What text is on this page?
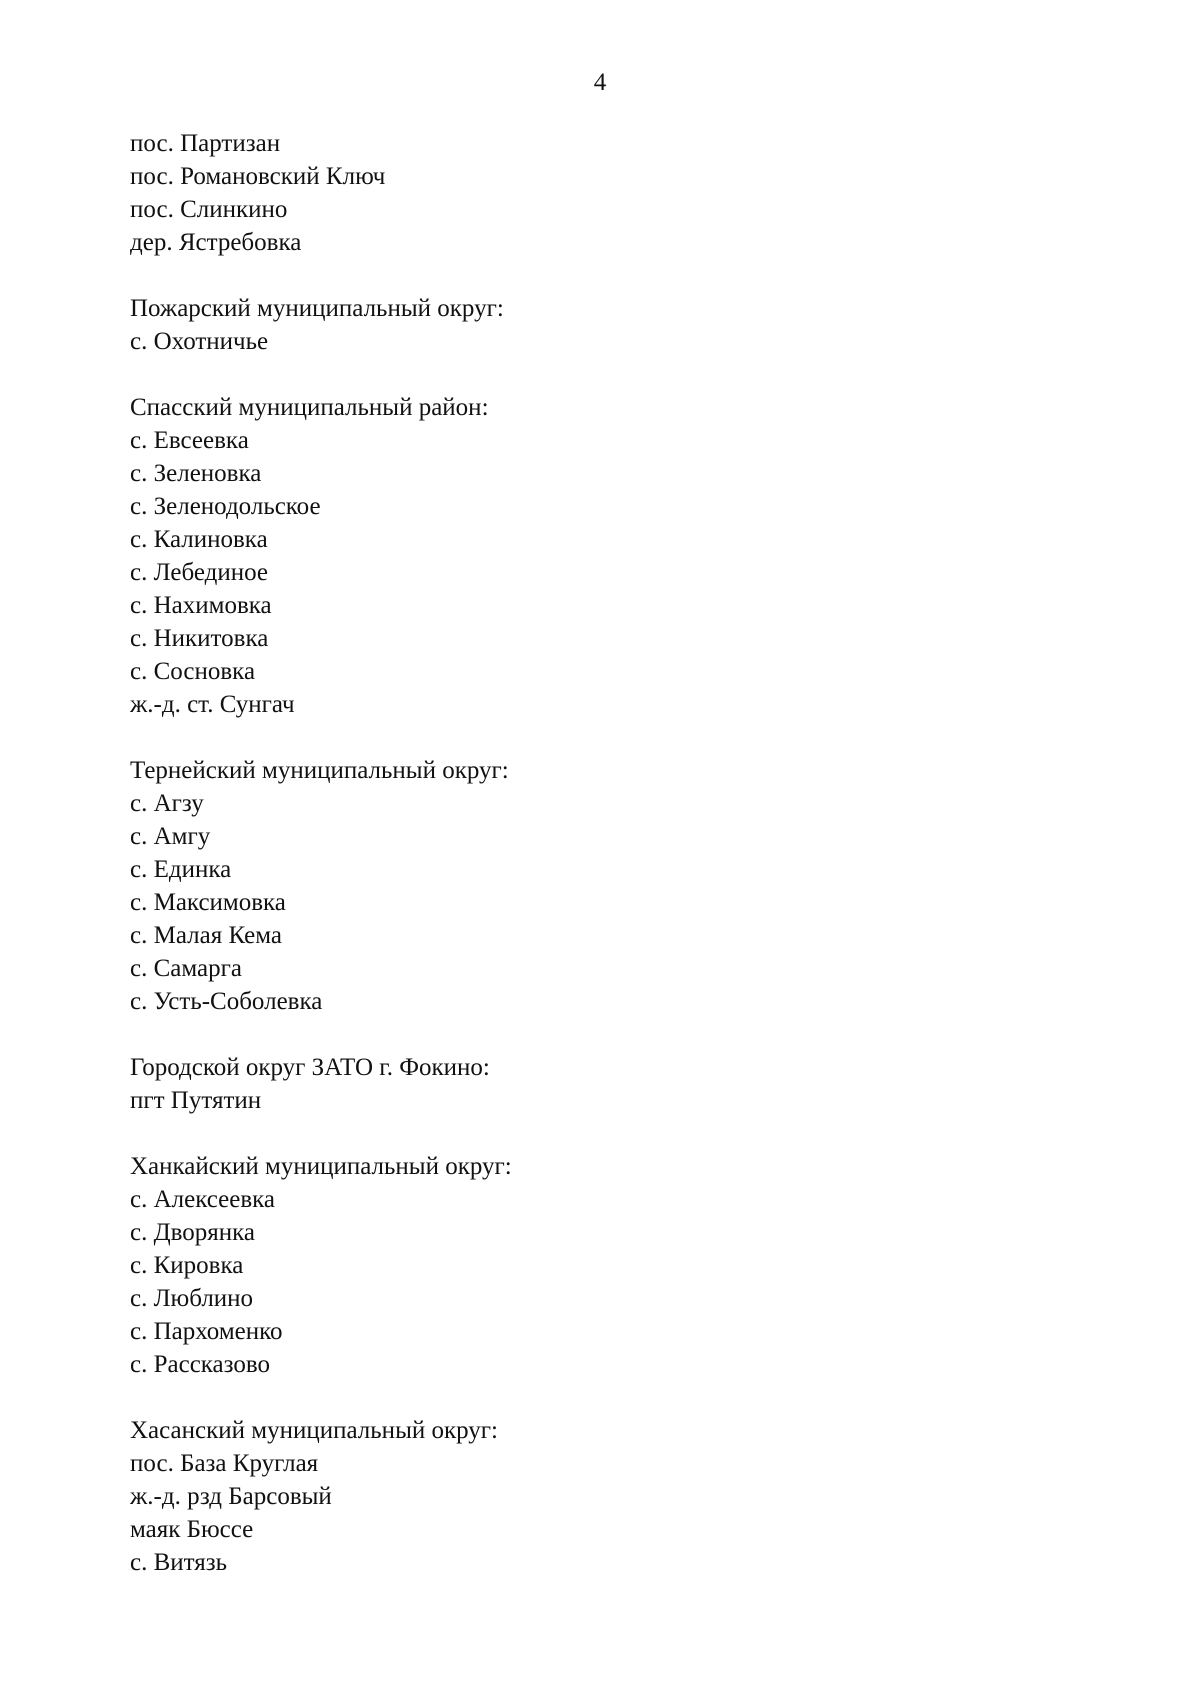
4
пос. Партизан
пос. Романовский Ключ
пос. Слинкино
дер. Ястребовка
Пожарский муниципальный округ:
с. Охотничье
Спасский муниципальный район:
с. Евсеевка
с. Зеленовка
с. Зеленодольское
с. Калиновка
с. Лебединое
с. Нахимовка
с. Никитовка
с. Сосновка
ж.-д. ст. Сунгач
Тернейский муниципальный округ:
с. Агзу
с. Амгу
с. Единка
с. Максимовка
с. Малая Кема
с. Самарга
с. Усть-Соболевка
Городской округ ЗАТО г. Фокино:
пгт Путятин
Ханкайский муниципальный округ:
с. Алексеевка
с. Дворянка
с. Кировка
с. Люблино
с. Пархоменко
с. Рассказово
Хасанский муниципальный округ:
пос. База Круглая
ж.-д. рзд Барсовый
маяк Бюссе
с. Витязь
